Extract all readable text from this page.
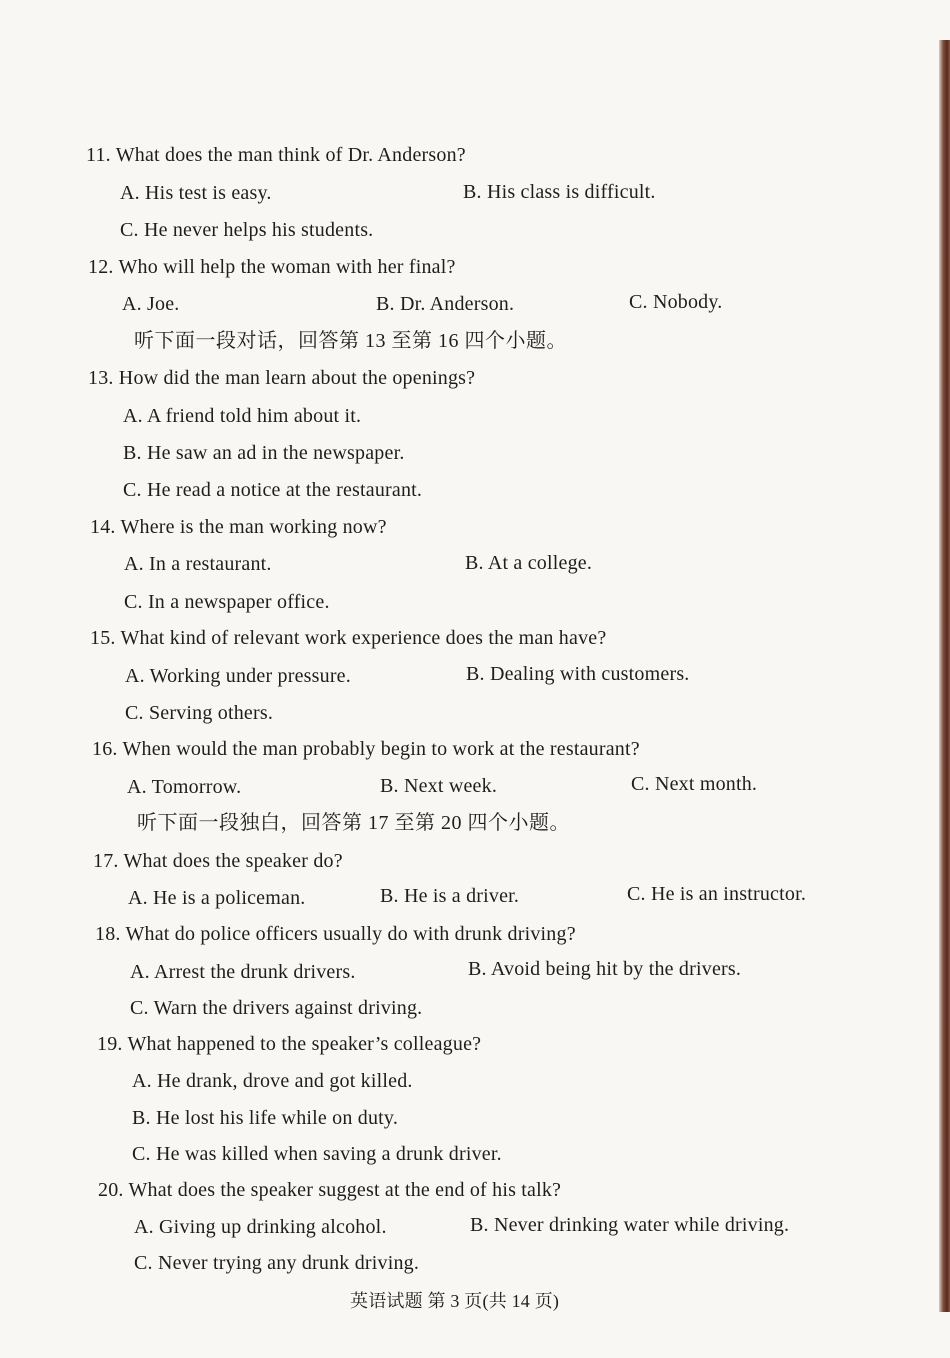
11. What does the man think of Dr. Anderson?
A. His test is easy.	B. His class is difficult.
C. He never helps his students.
12. Who will help the woman with her final?
A. Joe.	B. Dr. Anderson.	C. Nobody.
听下面一段对话，回答第 13 至第 16 四个小题。
13. How did the man learn about the openings?
A. A friend told him about it.
B. He saw an ad in the newspaper.
C. He read a notice at the restaurant.
14. Where is the man working now?
A. In a restaurant.	B. At a college.
C. In a newspaper office.
15. What kind of relevant work experience does the man have?
A. Working under pressure.	B. Dealing with customers.
C. Serving others.
16. When would the man probably begin to work at the restaurant?
A. Tomorrow.	B. Next week.	C. Next month.
听下面一段独白，回答第 17 至第 20 四个小题。
17. What does the speaker do?
A. He is a policeman.	B. He is a driver.	C. He is an instructor.
18. What do police officers usually do with drunk driving?
A. Arrest the drunk drivers.	B. Avoid being hit by the drivers.
C. Warn the drivers against driving.
19. What happened to the speaker’s colleague?
A. He drank, drove and got killed.
B. He lost his life while on duty.
C. He was killed when saving a drunk driver.
20. What does the speaker suggest at the end of his talk?
A. Giving up drinking alcohol.	B. Never drinking water while driving.
C. Never trying any drunk driving.
英语试题 第 3 页(共 14 页)
